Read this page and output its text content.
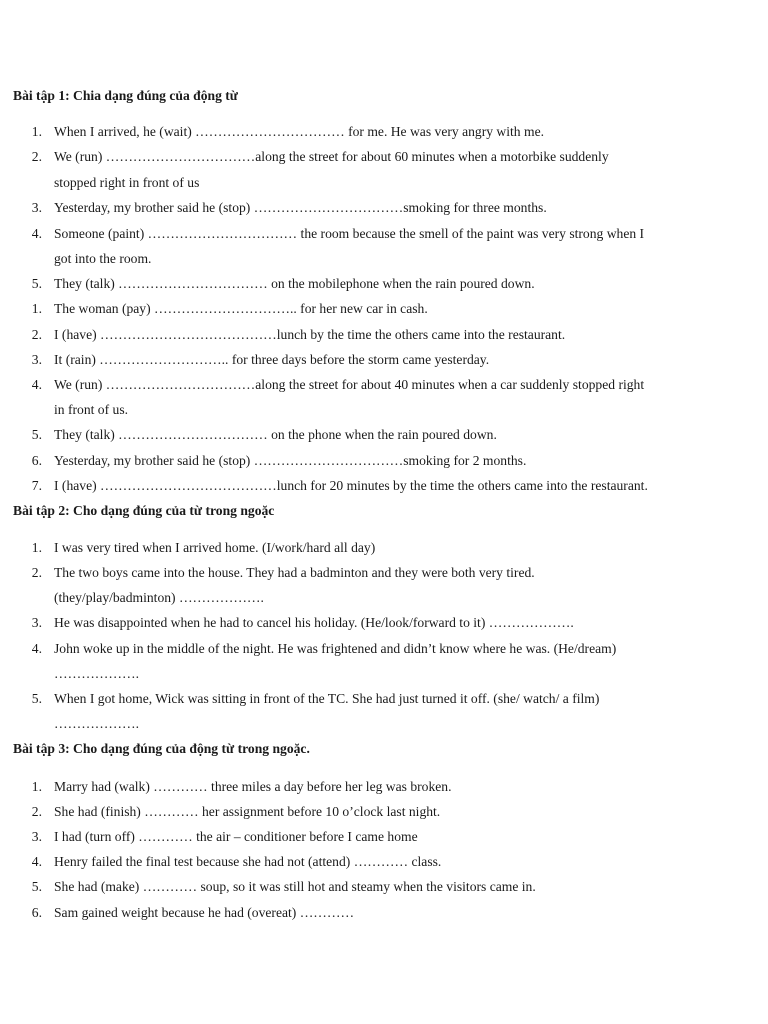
Bài tập 1: Chia dạng đúng của động từ
1. When I arrived, he (wait) …………………………… for me. He was very angry with me.
2. We (run) ……………………………along the street for about 60 minutes when a motorbike suddenly
stopped right in front of us
3. Yesterday, my brother said he (stop) ……………………………smoking for three months.
4. Someone (paint) …………………………… the room because the smell of the paint was very strong when I
got into the room.
5. They (talk) …………………………… on the mobilephone when the rain poured down.
1. The woman (pay) ………………………….. for her new car in cash.
2. I (have) …………………………………lunch by the time the others came into the restaurant.
3. It (rain) ……………………….. for three days before the storm came yesterday.
4. We (run) ……………………………along the street for about 40 minutes when a car suddenly stopped right
in front of us.
5. They (talk) …………………………… on the phone when the rain poured down.
6. Yesterday, my brother said he (stop) ……………………………smoking for 2 months.
7. I (have) …………………………………lunch for 20 minutes by the time the others came into the restaurant.
Bài tập 2: Cho dạng đúng của từ trong ngoặc
1. I was very tired when I arrived home. (I/work/hard all day)
2. The two boys came into the house. They had a badminton and they were both very tired.
(they/play/badminton) ……………….
3. He was disappointed when he had to cancel his holiday. (He/look/forward to it) ……………….
4. John woke up in the middle of the night. He was frightened and didn’t know where he was. (He/dream)
……………….
5. When I got home, Wick was sitting in front of the TC. She had just turned it off. (she/ watch/ a film)
……………….
Bài tập 3: Cho dạng đúng của động từ trong ngoặc.
1. Marry had (walk) ………… three miles a day before her leg was broken.
2. She had (finish) ………… her assignment before 10 o’clock last night.
3. I had (turn off) ………… the air – conditioner before I came home
4. Henry failed the final test because she had not (attend) ………… class.
5. She had (make) ………… soup, so it was still hot and steamy when the visitors came in.
6. Sam gained weight because he had (overeat) …………
